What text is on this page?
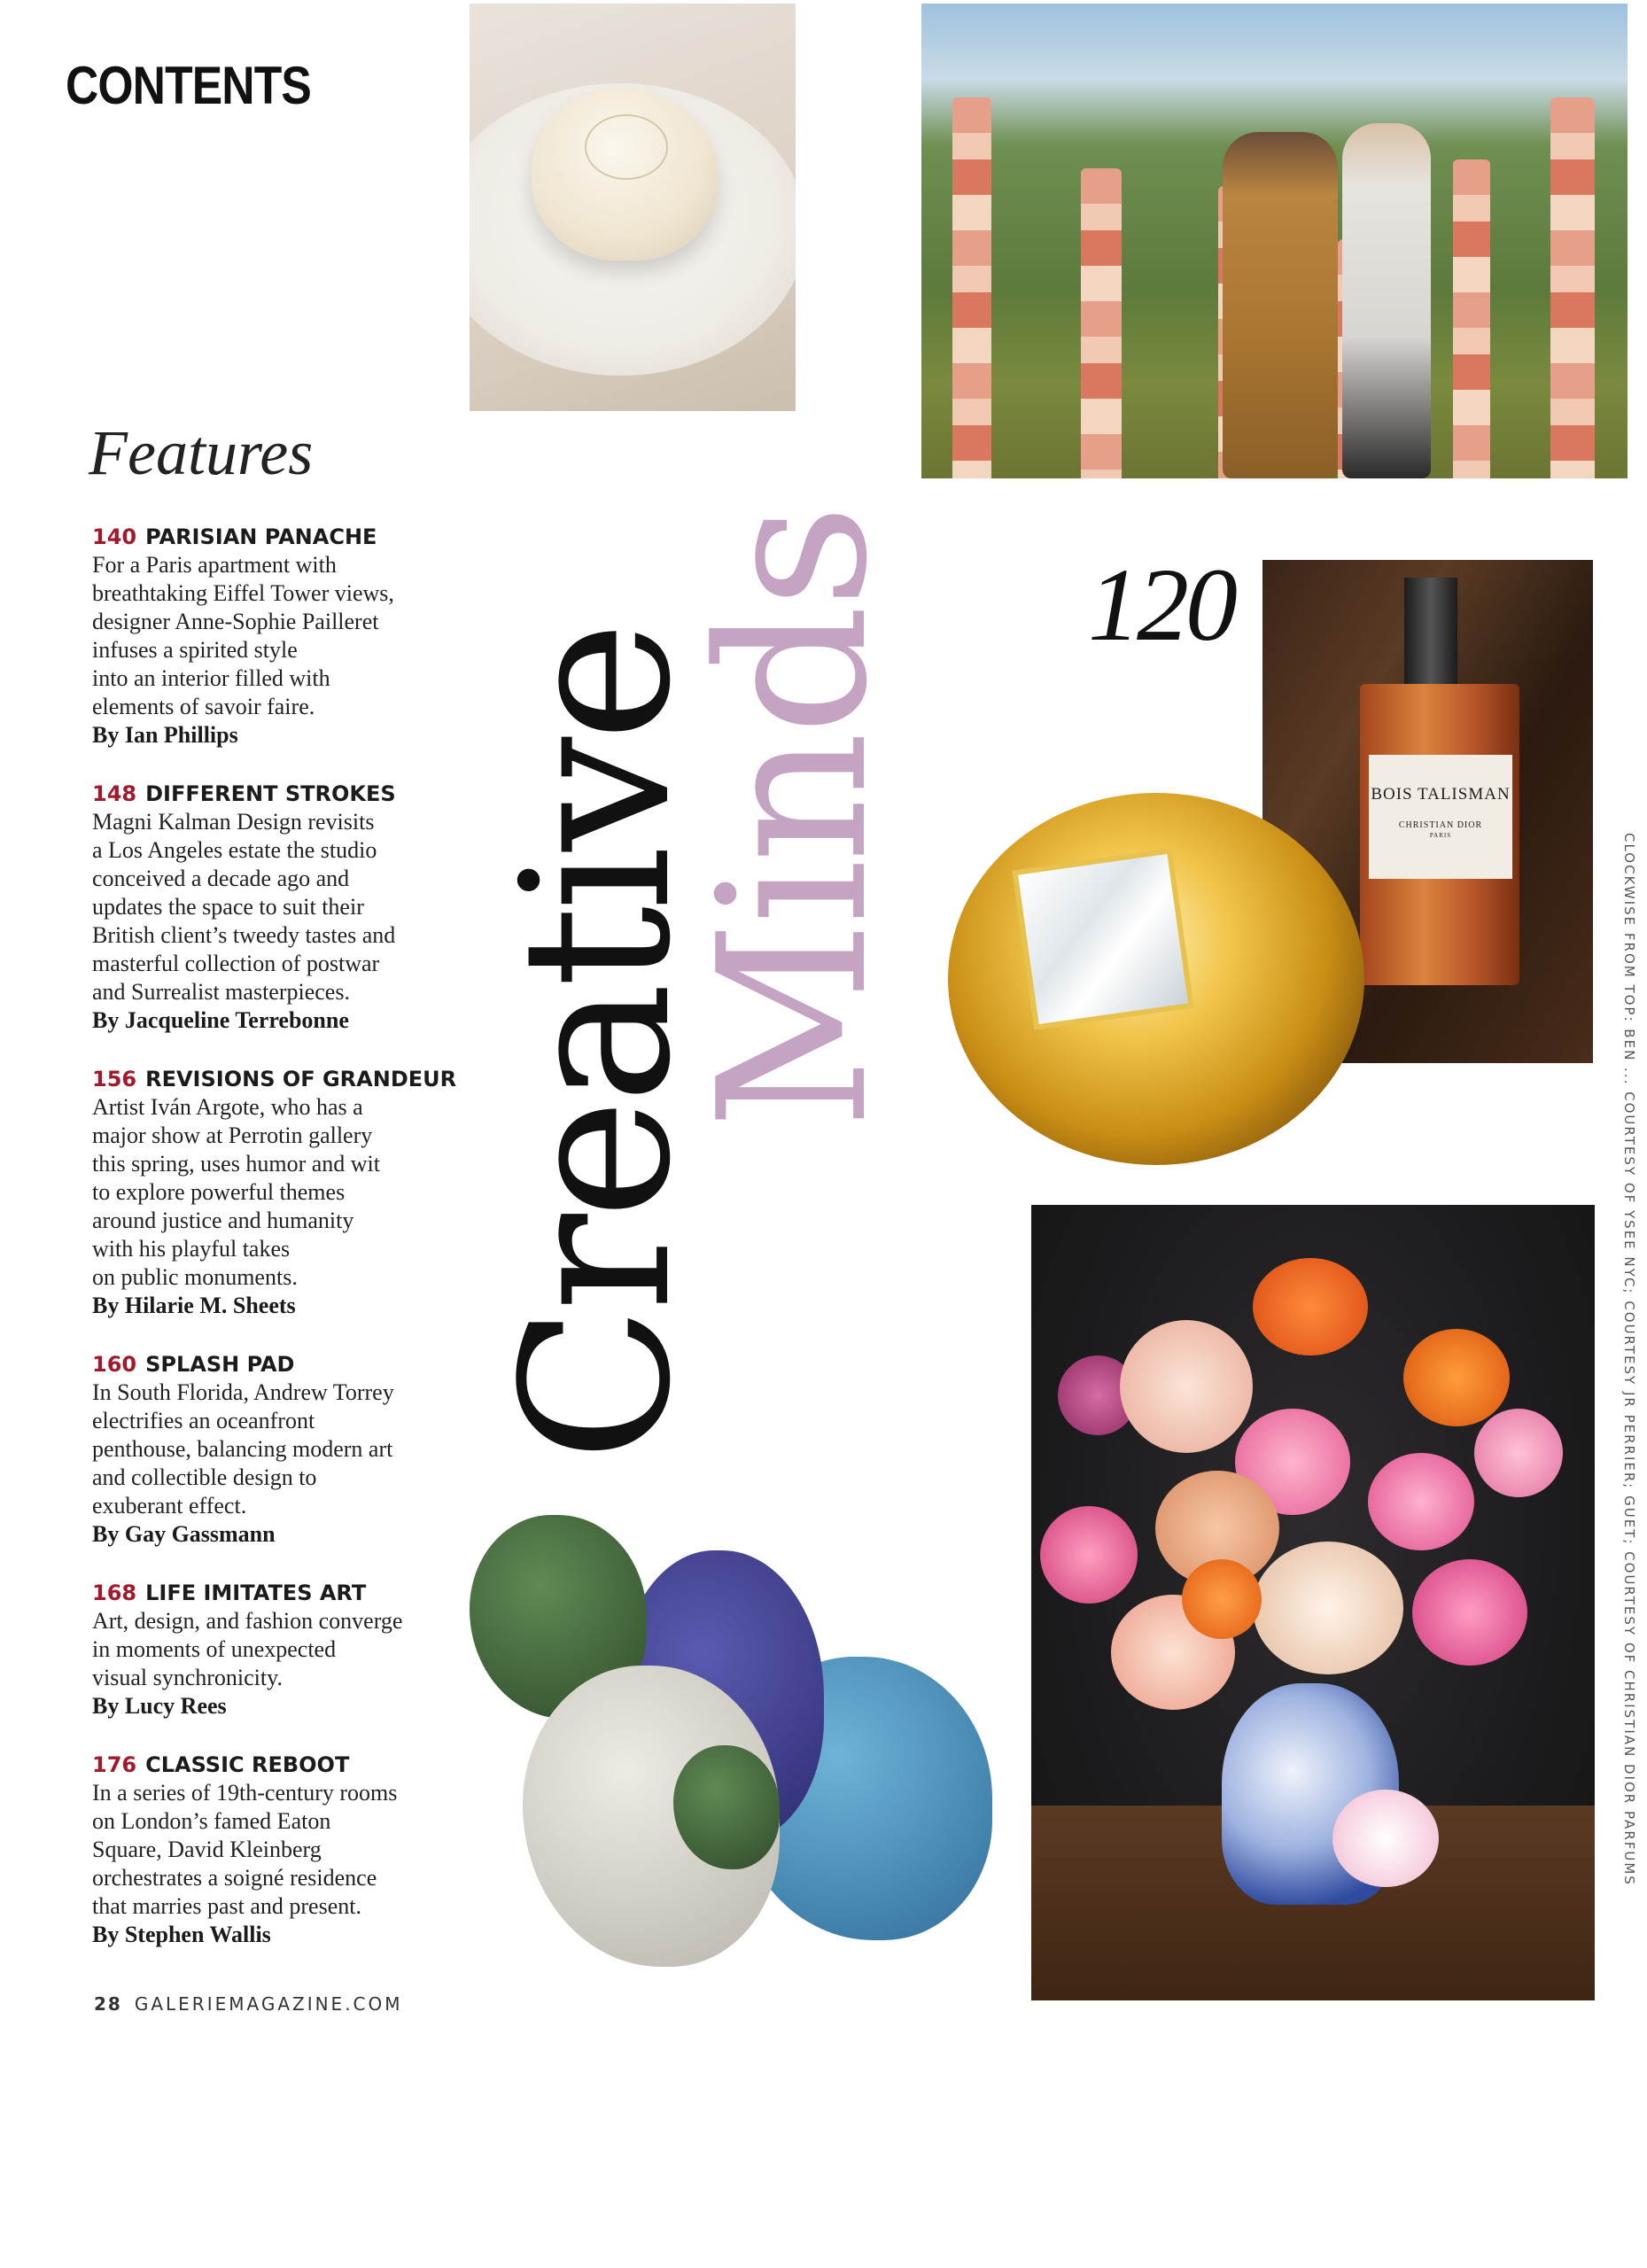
CONTENTS
Features
140 PARISIAN PANACHE
For a Paris apartment with
breathtaking Eiffel Tower views,
designer Anne-Sophie Pailleret
infuses a spirited style
into an interior filled with
elements of savoir faire.
By Ian Phillips
148 DIFFERENT STROKES
Magni Kalman Design revisits
a Los Angeles estate the studio
conceived a decade ago and
updates the space to suit their
British client’s tweedy tastes and
masterful collection of postwar
and Surrealist masterpieces.
By Jacqueline Terrebonne
156 REVISIONS OF GRANDEUR
Artist Iván Argote, who has a
major show at Perrotin gallery
this spring, uses humor and wit
to explore powerful themes
around justice and humanity
with his playful takes
on public monuments.
By Hilarie M. Sheets
160 SPLASH PAD
In South Florida, Andrew Torrey
electrifies an oceanfront
penthouse, balancing modern art
and collectible design to
exuberant effect.
By Gay Gassmann
168 LIFE IMITATES ART
Art, design, and fashion converge
in moments of unexpected
visual synchronicity.
By Lucy Rees
176 CLASSIC REBOOT
In a series of 19th-century rooms
on London’s famed Eaton
Square, David Kleinberg
orchestrates a soigné residence
that marries past and present.
By Stephen Wallis
28 GALERIEMAGAZINE.COM
120
BOIS TALISMAN
CHRISTIAN DIOR
PARIS
Creative
Minds
CLOCKWISE FROM TOP: BEN ... COURTESY OF YSEE NYC; COURTESY JR PERRIER; GUET; COURTESY OF CHRISTIAN DIOR PARFUMS
